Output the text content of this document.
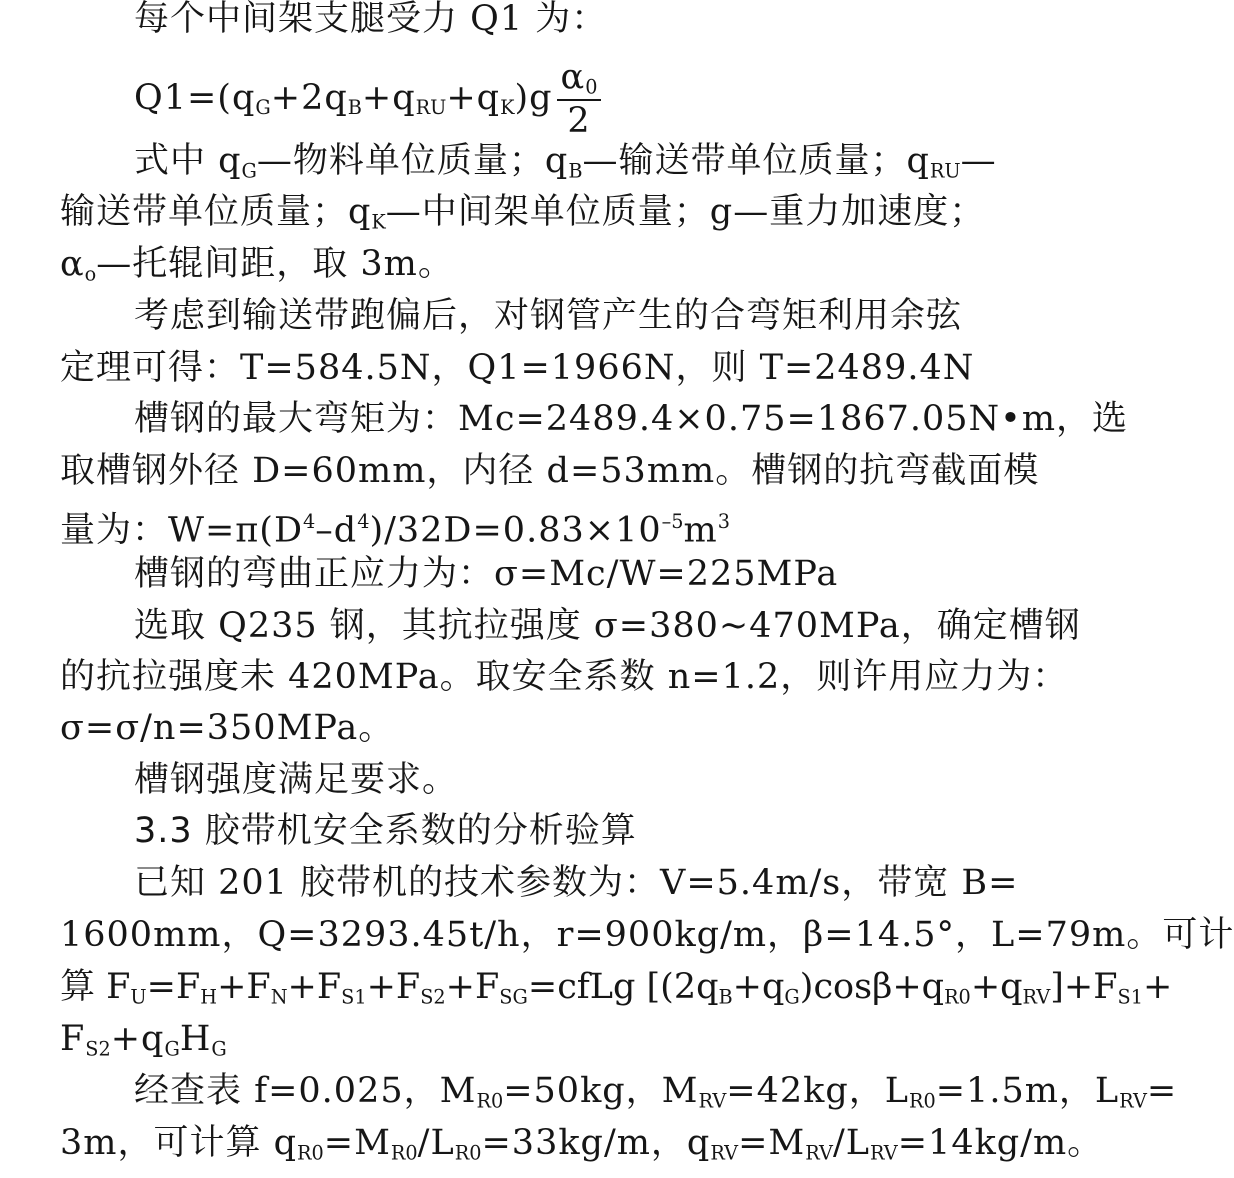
每个中间架支腿受力 Q1 为：
$Q1=(q_G+2q_B+q_{RU}+q_K)g \frac{\alpha_0}{2}$
式中 $q_G—$物料单位质量；$q_B—$输送带单位质量；$q_{RU}—$
输送带单位质量；$q_K—$中间架单位质量；g—重力加速度；
$\alpha_o—$托辊间距，取 3m。
考虑到输送带跑偏后，对钢管产生的合弯矩利用余弦
定理可得：T=584.5N，Q1=1966N，则 T=2489.4N
槽钢的最大弯矩为：Mc=2489.4×0.75=1867.05N•m，选
取槽钢外径 D=60mm，内径 d=53mm。槽钢的抗弯截面模
量为：$W=\pi(D^4-d^4)/32D=0.83\times 10^{-5}m^3$
槽钢的弯曲正应力为：σ=Mc/W=225MPa
选取 Q235 钢，其抗拉强度 σ=380~470MPa，确定槽钢
的抗拉强度未 420MPa。取安全系数 n=1.2，则许用应力为：
σ=σ/n=350MPa。
槽钢强度满足要求。
3.3 胶带机安全系数的分析验算
已知 201 胶带机的技术参数为：V=5.4m/s，带宽 B=
1600mm，Q=3293.45t/h，r=900kg/m，β=14.5°，L=79m。可计
算 $F_U=F_H+F_N+F_{S1}+F_{S2}+F_{SG}=cfLg$ $[(2q_B+q_G)\cos\beta+q_{R0}+q_{RV}]+F_{S1}+$
$F_{S2}+q_GH_G$
经查表 f=0.025，$M_{R0}=50kg$，$M_{RV}=42kg$，$L_{R0}=1.5m$，$L_{RV}=$
3m，可计算 $q_{R0}=M_{R0}/L_{R0}=33kg/m$，$q_{RV}=M_{RV}/L_{RV}=14kg/m$。
